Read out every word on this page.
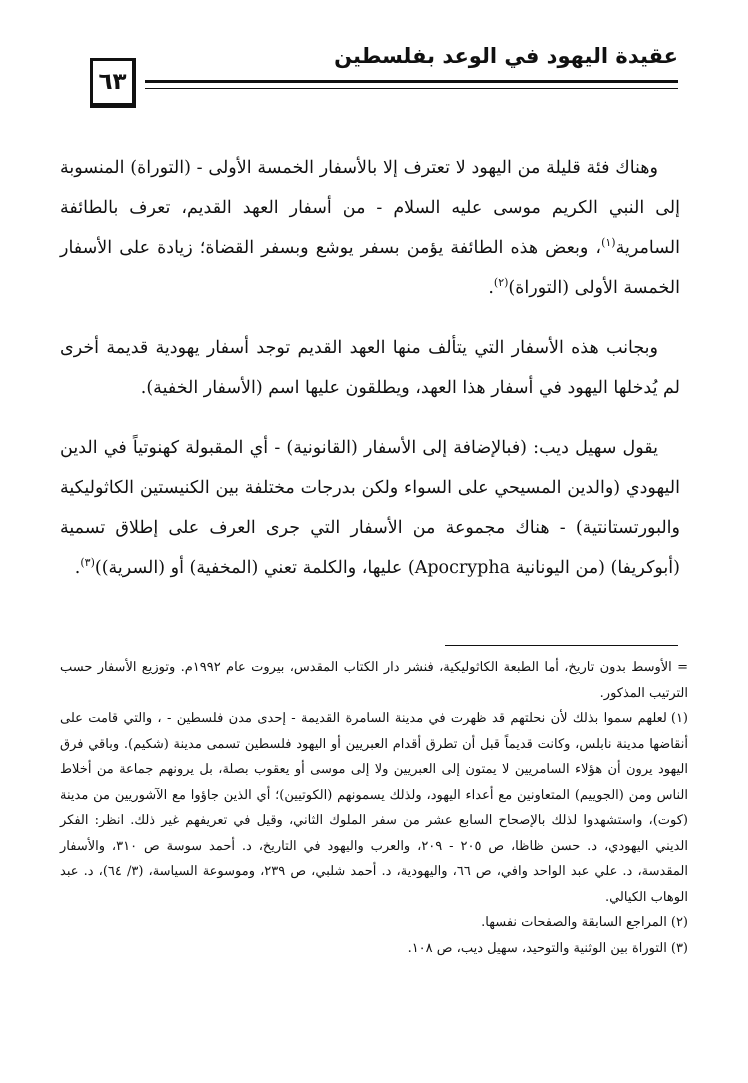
عقيدة اليهود في الوعد بفلسطين
٦٣

وهناك فئة قليلة من اليهود لا تعترف إلا بالأسفار الخمسة الأولى - (التوراة) المنسوبة إلى النبي الكريم موسى عليه السلام - من أسفار العهد القديم، تعرف بالطائفة السامرية$^{(١)}$، وبعض هذه الطائفة يؤمن بسفر يوشع وبسفر القضاة؛ زيادة على الأسفار الخمسة الأولى (التوراة)$^{(٢)}$.

وبجانب هذه الأسفار التي يتألف منها العهد القديم توجد أسفار يهودية قديمة أخرى لم يُدخلها اليهود في أسفار هذا العهد، ويطلقون عليها اسم (الأسفار الخفية).

يقول سهيل ديب: (فبالإضافة إلى الأسفار (القانونية) - أي المقبولة كهنوتياً في الدين اليهودي (والدين المسيحي على السواء ولكن بدرجات مختلفة بين الكنيستين الكاثوليكية والبورتستانتية) - هناك مجموعة من الأسفار التي جرى العرف على إطلاق تسمية (أبوكريفا) (من اليونانية Apocrypha) عليها، والكلمة تعني (المخفية) أو (السرية))$^{(٣)}$.

= الأوسط بدون تاريخ، أما الطبعة الكاثوليكية، فنشر دار الكتاب المقدس، بيروت عام ١٩٩٢م. وتوزيع الأسفار حسب الترتيب المذكور.

(١)لعلهم سموا بذلك لأن نحلتهم قد ظهرت في مدينة السامرة القديمة - إحدى مدن فلسطين - ، والتي قامت على أنقاضها مدينة نابلس، وكانت قديماً قبل أن تطرق أقدام العبريين أو اليهود فلسطين تسمى مدينة (شكيم). وباقي فرق اليهود يرون أن هؤلاء السامريين لا يمتون إلى العبريين ولا إلى موسى أو يعقوب بصلة، بل يرونهم جماعة من أخلاط الناس ومن (الجوييم) المتعاونين مع أعداء اليهود، ولذلك يسمونهم (الكوتيين)؛ أي الذين جاؤوا مع الآشوريين من مدينة (كوت)، واستشهدوا لذلك بالإصحاح السابع عشر من سفر الملوك الثاني، وقيل في تعريفهم غير ذلك. انظر: الفكر الديني اليهودي، د. حسن ظاظا، ص ٢٠٥ - ٢٠٩، والعرب واليهود في التاريخ، د. أحمد سوسة ص ٣١٠، والأسفار المقدسة، د. علي عبد الواحد وافي، ص ٦٦، واليهودية، د. أحمد شلبي، ص ٢٣٩، وموسوعة السياسة، (٣/ ٦٤)، د. عبد الوهاب الكيالي.

(٢)المراجع السابقة والصفحات نفسها.

(٣)التوراة بين الوثنية والتوحيد، سهيل ديب، ص ١٠٨.
